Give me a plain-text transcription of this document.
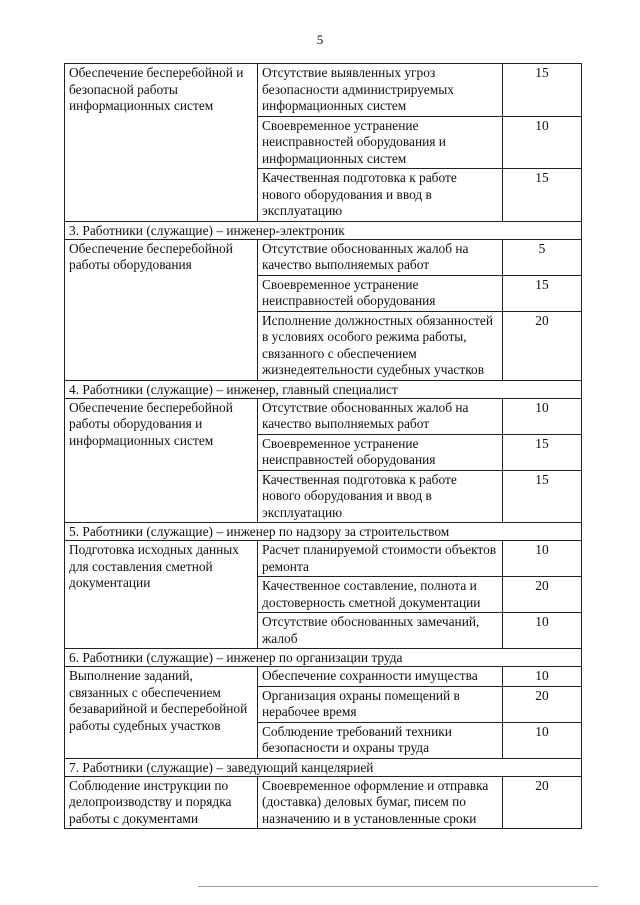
5
Обеспечение бесперебойной и безопасной работы информационных систем	Отсутствие выявленных угроз безопасности администрируемых информационных систем	15
	Своевременное устранение неисправностей оборудования и информационных систем	10
	Качественная подготовка к работе нового оборудования и ввод в эксплуатацию	15
3. Работники (служащие) – инженер-электроник		
Обеспечение бесперебойной работы оборудования	Отсутствие обоснованных жалоб на качество выполняемых работ	5
	Своевременное устранение неисправностей оборудования	15
	Исполнение должностных обязанностей в условиях особого режима работы, связанного с обеспечением жизнедеятельности судебных участков	20
4. Работники (служащие) – инженер, главный специалист		
Обеспечение бесперебойной работы оборудования и информационных систем	Отсутствие обоснованных жалоб на качество выполняемых работ	10
	Своевременное устранение неисправностей оборудования	15
	Качественная подготовка к работе нового оборудования и ввод в эксплуатацию	15
5. Работники (служащие) – инженер по надзору за строительством		
Подготовка исходных данных для составления сметной документации	Расчет планируемой стоимости объектов ремонта	10
	Качественное составление, полнота и достоверность сметной документации	20
	Отсутствие обоснованных замечаний, жалоб	10
6. Работники (служащие) – инженер по организации труда		
Выполнение заданий, связанных с обеспечением безаварийной и бесперебойной работы судебных участков	Обеспечение сохранности имущества	10
	Организация охраны помещений в нерабочее время	20
	Соблюдение требований техники безопасности и охраны труда	10
7. Работники (служащие) – заведующий канцелярией		
Соблюдение инструкции по делопроизводству и порядка работы с документами	Своевременное оформление и отправка (доставка) деловых бумаг, писем по назначению и в установленные сроки	20
